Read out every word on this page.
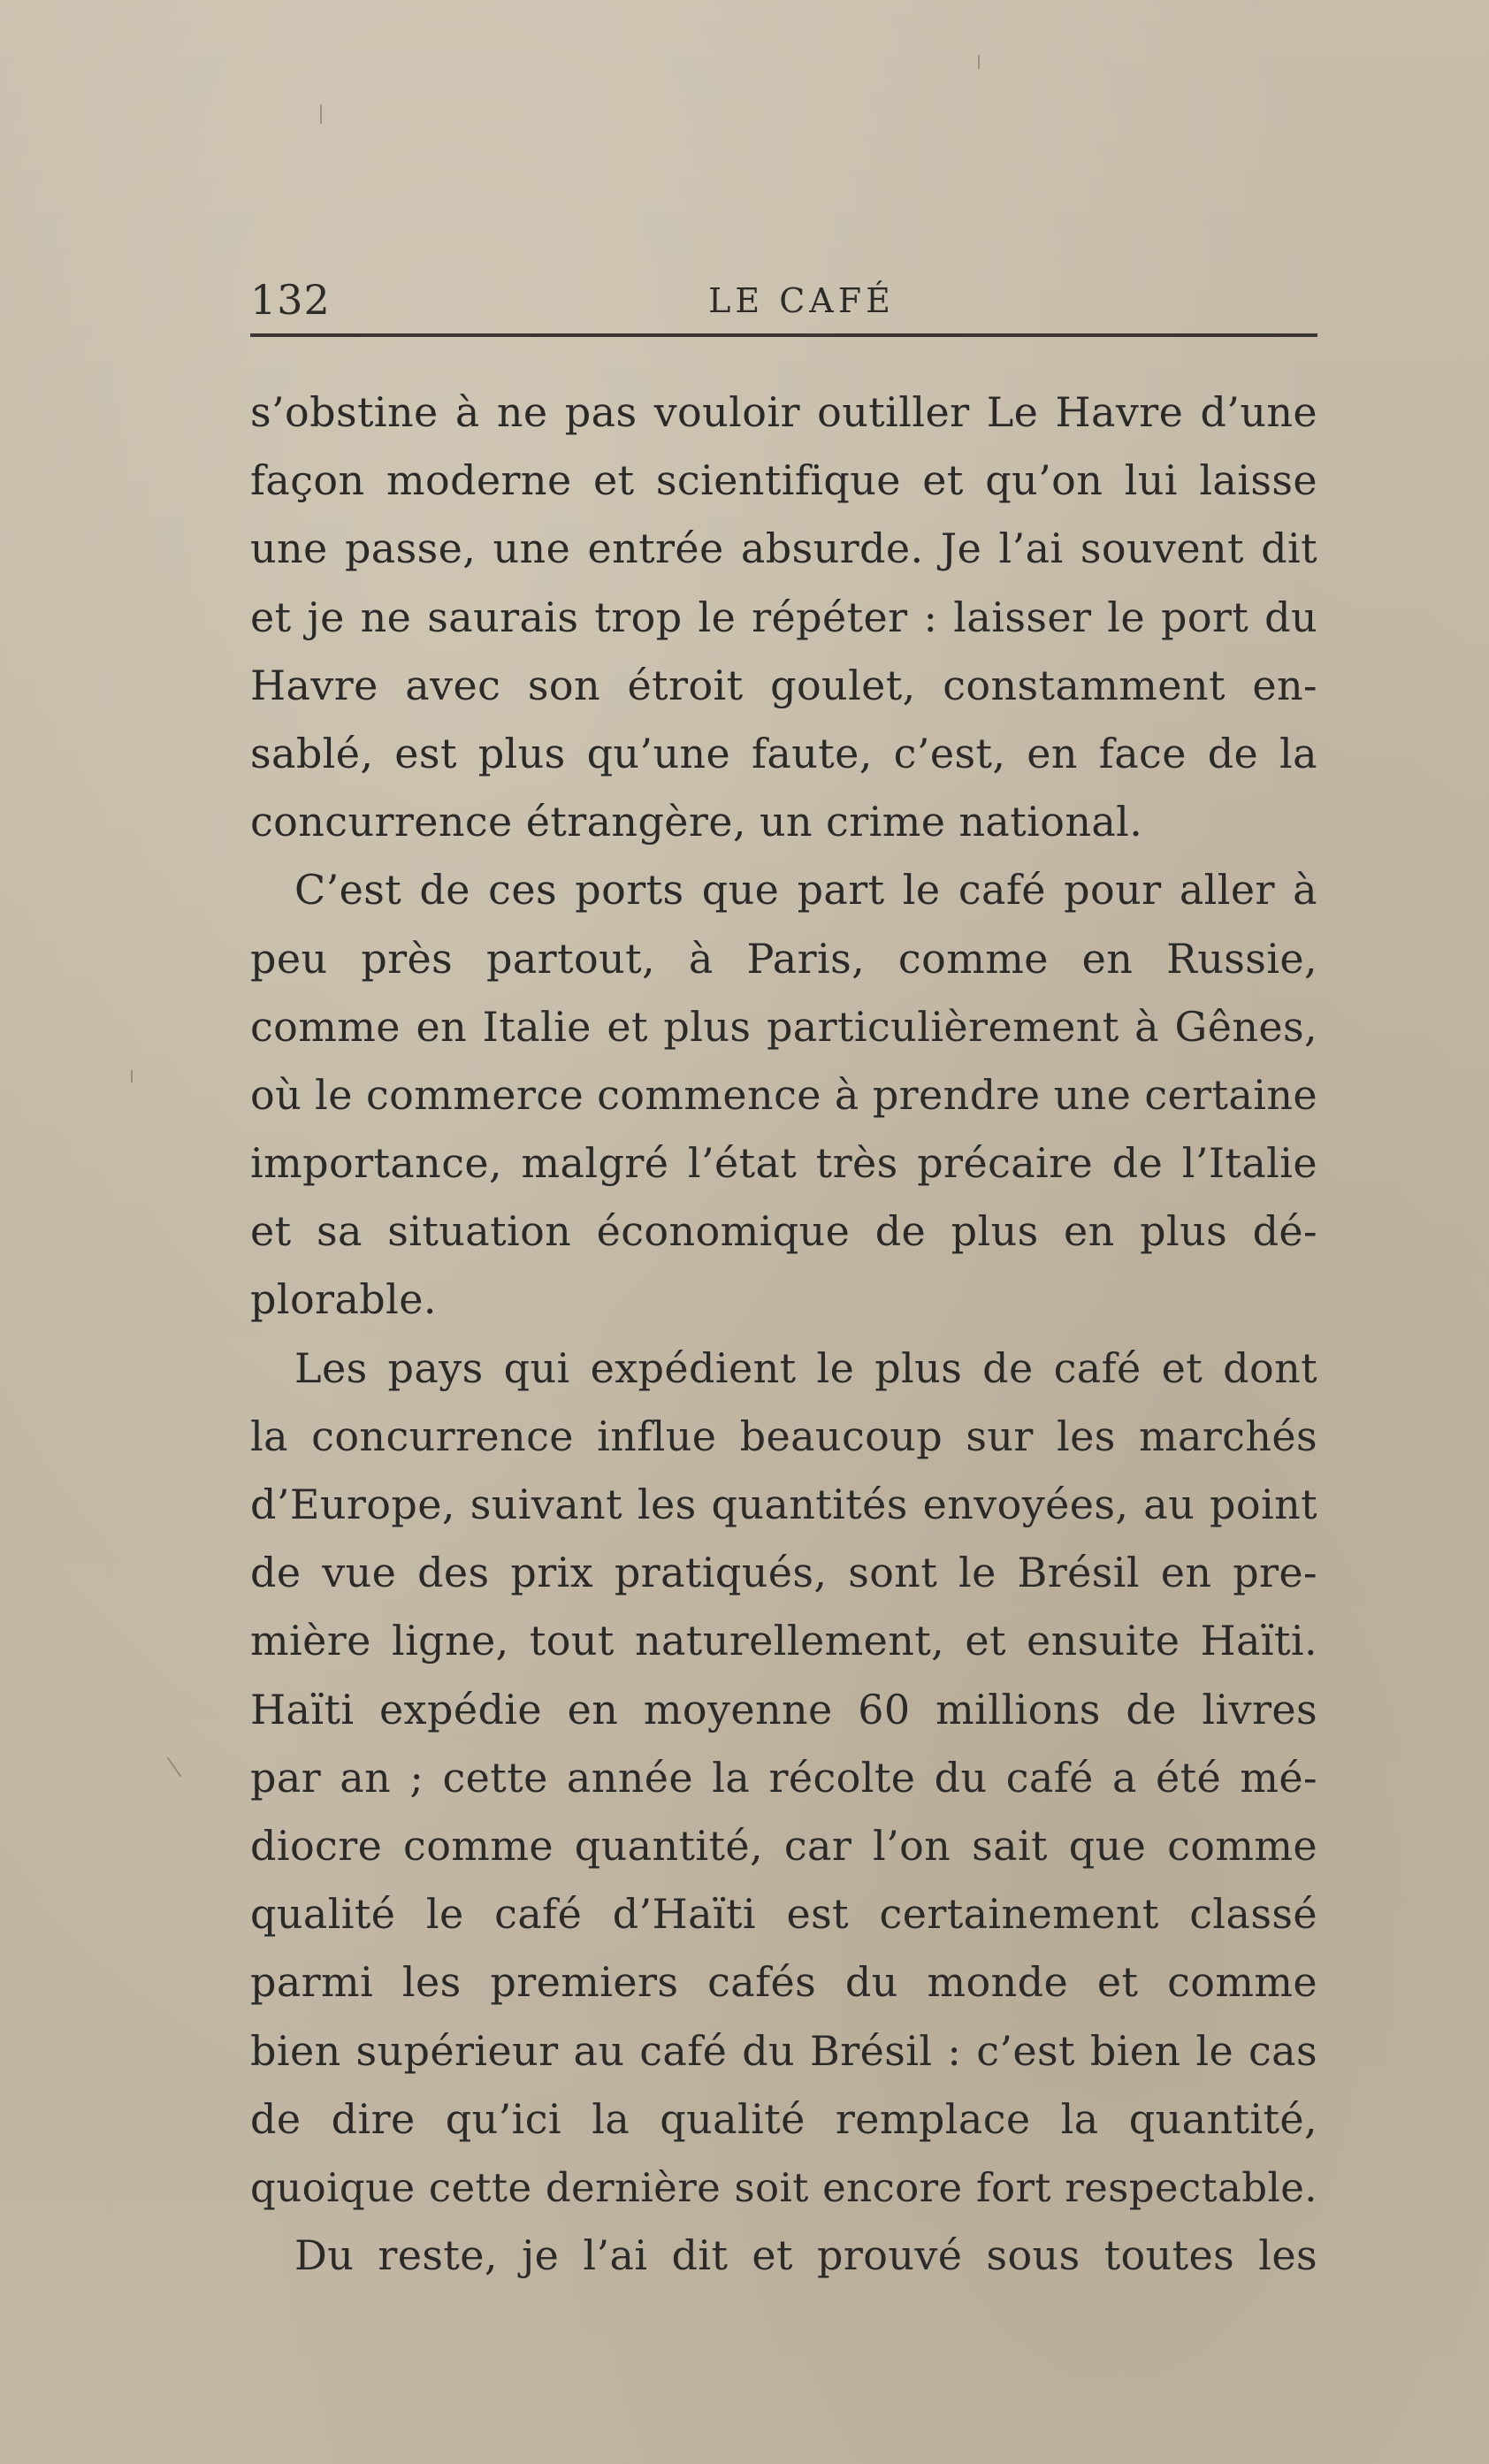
132	LE CAFÉ
s’obstine à ne pas vouloir outiller Le Havre d’une
façon moderne et scientifique et qu’on lui laisse
une passe, une entrée absurde. Je l’ai souvent dit
et je ne saurais trop le répéter : laisser le port du
Havre avec son étroit goulet, constamment en-
sablé, est plus qu’une faute, c’est, en face de la
concurrence étrangère, un crime national.
C’est de ces ports que part le café pour aller à
peu près partout, à Paris, comme en Russie,
comme en Italie et plus particulièrement à Gênes,
où le commerce commence à prendre une certaine
importance, malgré l’état très précaire de l’Italie
et sa situation économique de plus en plus dé-
plorable.
Les pays qui expédient le plus de café et dont
la concurrence influe beaucoup sur les marchés
d’Europe, suivant les quantités envoyées, au point
de vue des prix pratiqués, sont le Brésil en pre-
mière ligne, tout naturellement, et ensuite Haïti.
Haïti expédie en moyenne 60 millions de livres
par an ; cette année la récolte du café a été mé-
diocre comme quantité, car l’on sait que comme
qualité le café d’Haïti est certainement classé
parmi les premiers cafés du monde et comme
bien supérieur au café du Brésil : c’est bien le cas
de dire qu’ici la qualité remplace la quantité,
quoique cette dernière soit encore fort respectable.
Du reste, je l’ai dit et prouvé sous toutes les
